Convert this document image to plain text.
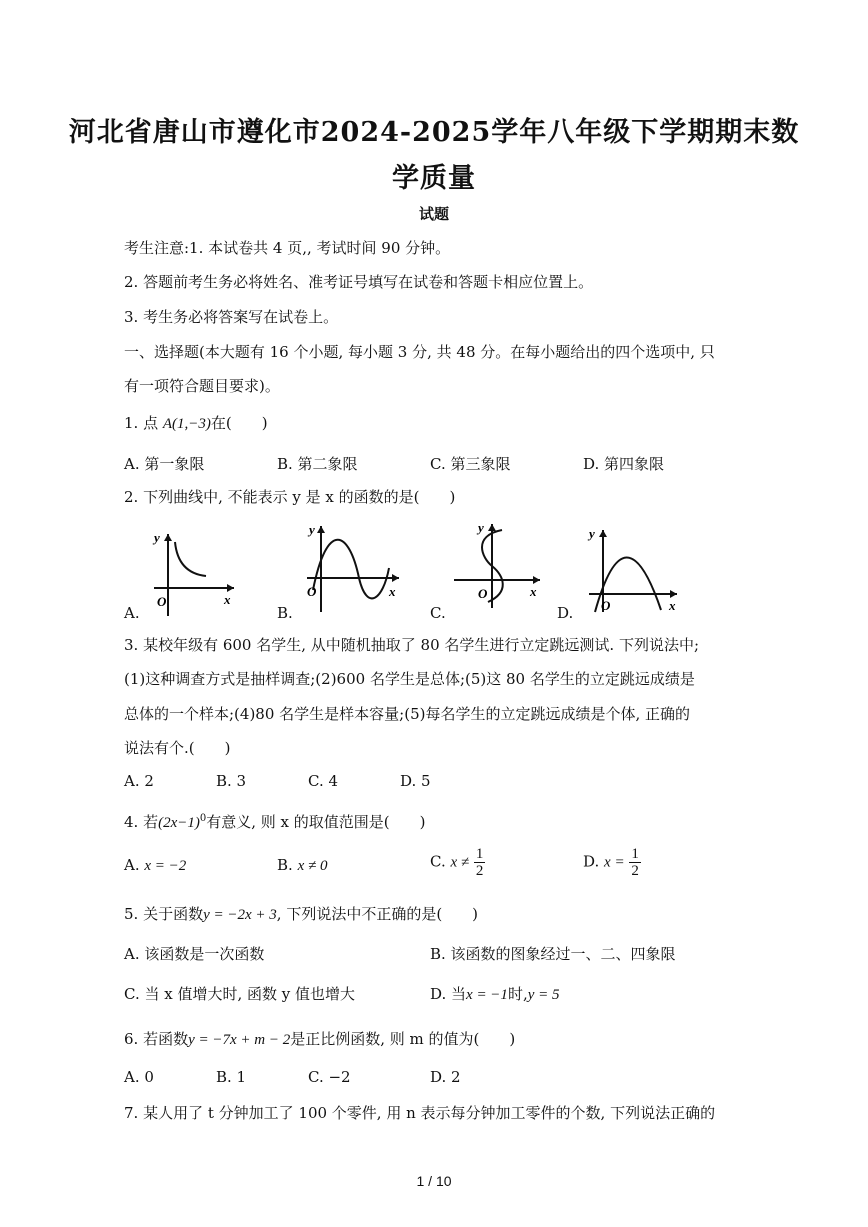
河北省唐山市遵化市2024-2025学年八年级下学期期末数
学质量
试题
考生注意:1. 本试卷共 4 页,, 考试时间 90 分钟。
2. 答题前考生务必将姓名、准考证号填写在试卷和答题卡相应位置上。
3. 考生务必将答案写在试卷上。
一、选择题(本大题有 16 个小题, 每小题 3 分, 共 48 分。在每小题给出的四个选项中, 只
有一项符合题目要求)。
1. 点 A(1,−3)在(　　)
A. 第一象限	B. 第二象限	C. 第三象限	D. 第四象限
2. 下列曲线中, 不能表示 y 是 x 的函数的是(　　)
A.	B.	C.	D.
y
O	x
y
O	x
y
O	x
y
O	x
3. 某校年级有 600 名学生, 从中随机抽取了 80 名学生进行立定跳远测试. 下列说法中;
(1)这种调查方式是抽样调查;(2)600 名学生是总体;(5)这 80 名学生的立定跳远成绩是
总体的一个样本;(4)80 名学生是样本容量;(5)每名学生的立定跳远成绩是个体, 正确的
说法有个.(　　)
A. 2	B. 3	C. 4	D. 5
4. 若$(2x-1)^0$有意义, 则 x 的取值范围是(　　)
A. x = −2	B. x ≠ 0	C. $x \ne \frac{1}{2}$	D. $x = \frac{1}{2}$
5. 关于函数y = −2x + 3, 下列说法中不正确的是(　　)
A. 该函数是一次函数	B. 该函数的图象经过一、二、四象限
C. 当 x 值增大时, 函数 y 值也增大	D. 当x = −1时,y = 5
6. 若函数y = −7x + m − 2是正比例函数, 则 m 的值为(　　)
A. 0	B. 1	C. −2	D. 2
7. 某人用了 t 分钟加工了 100 个零件, 用 n 表示每分钟加工零件的个数, 下列说法正确的
1 / 10
